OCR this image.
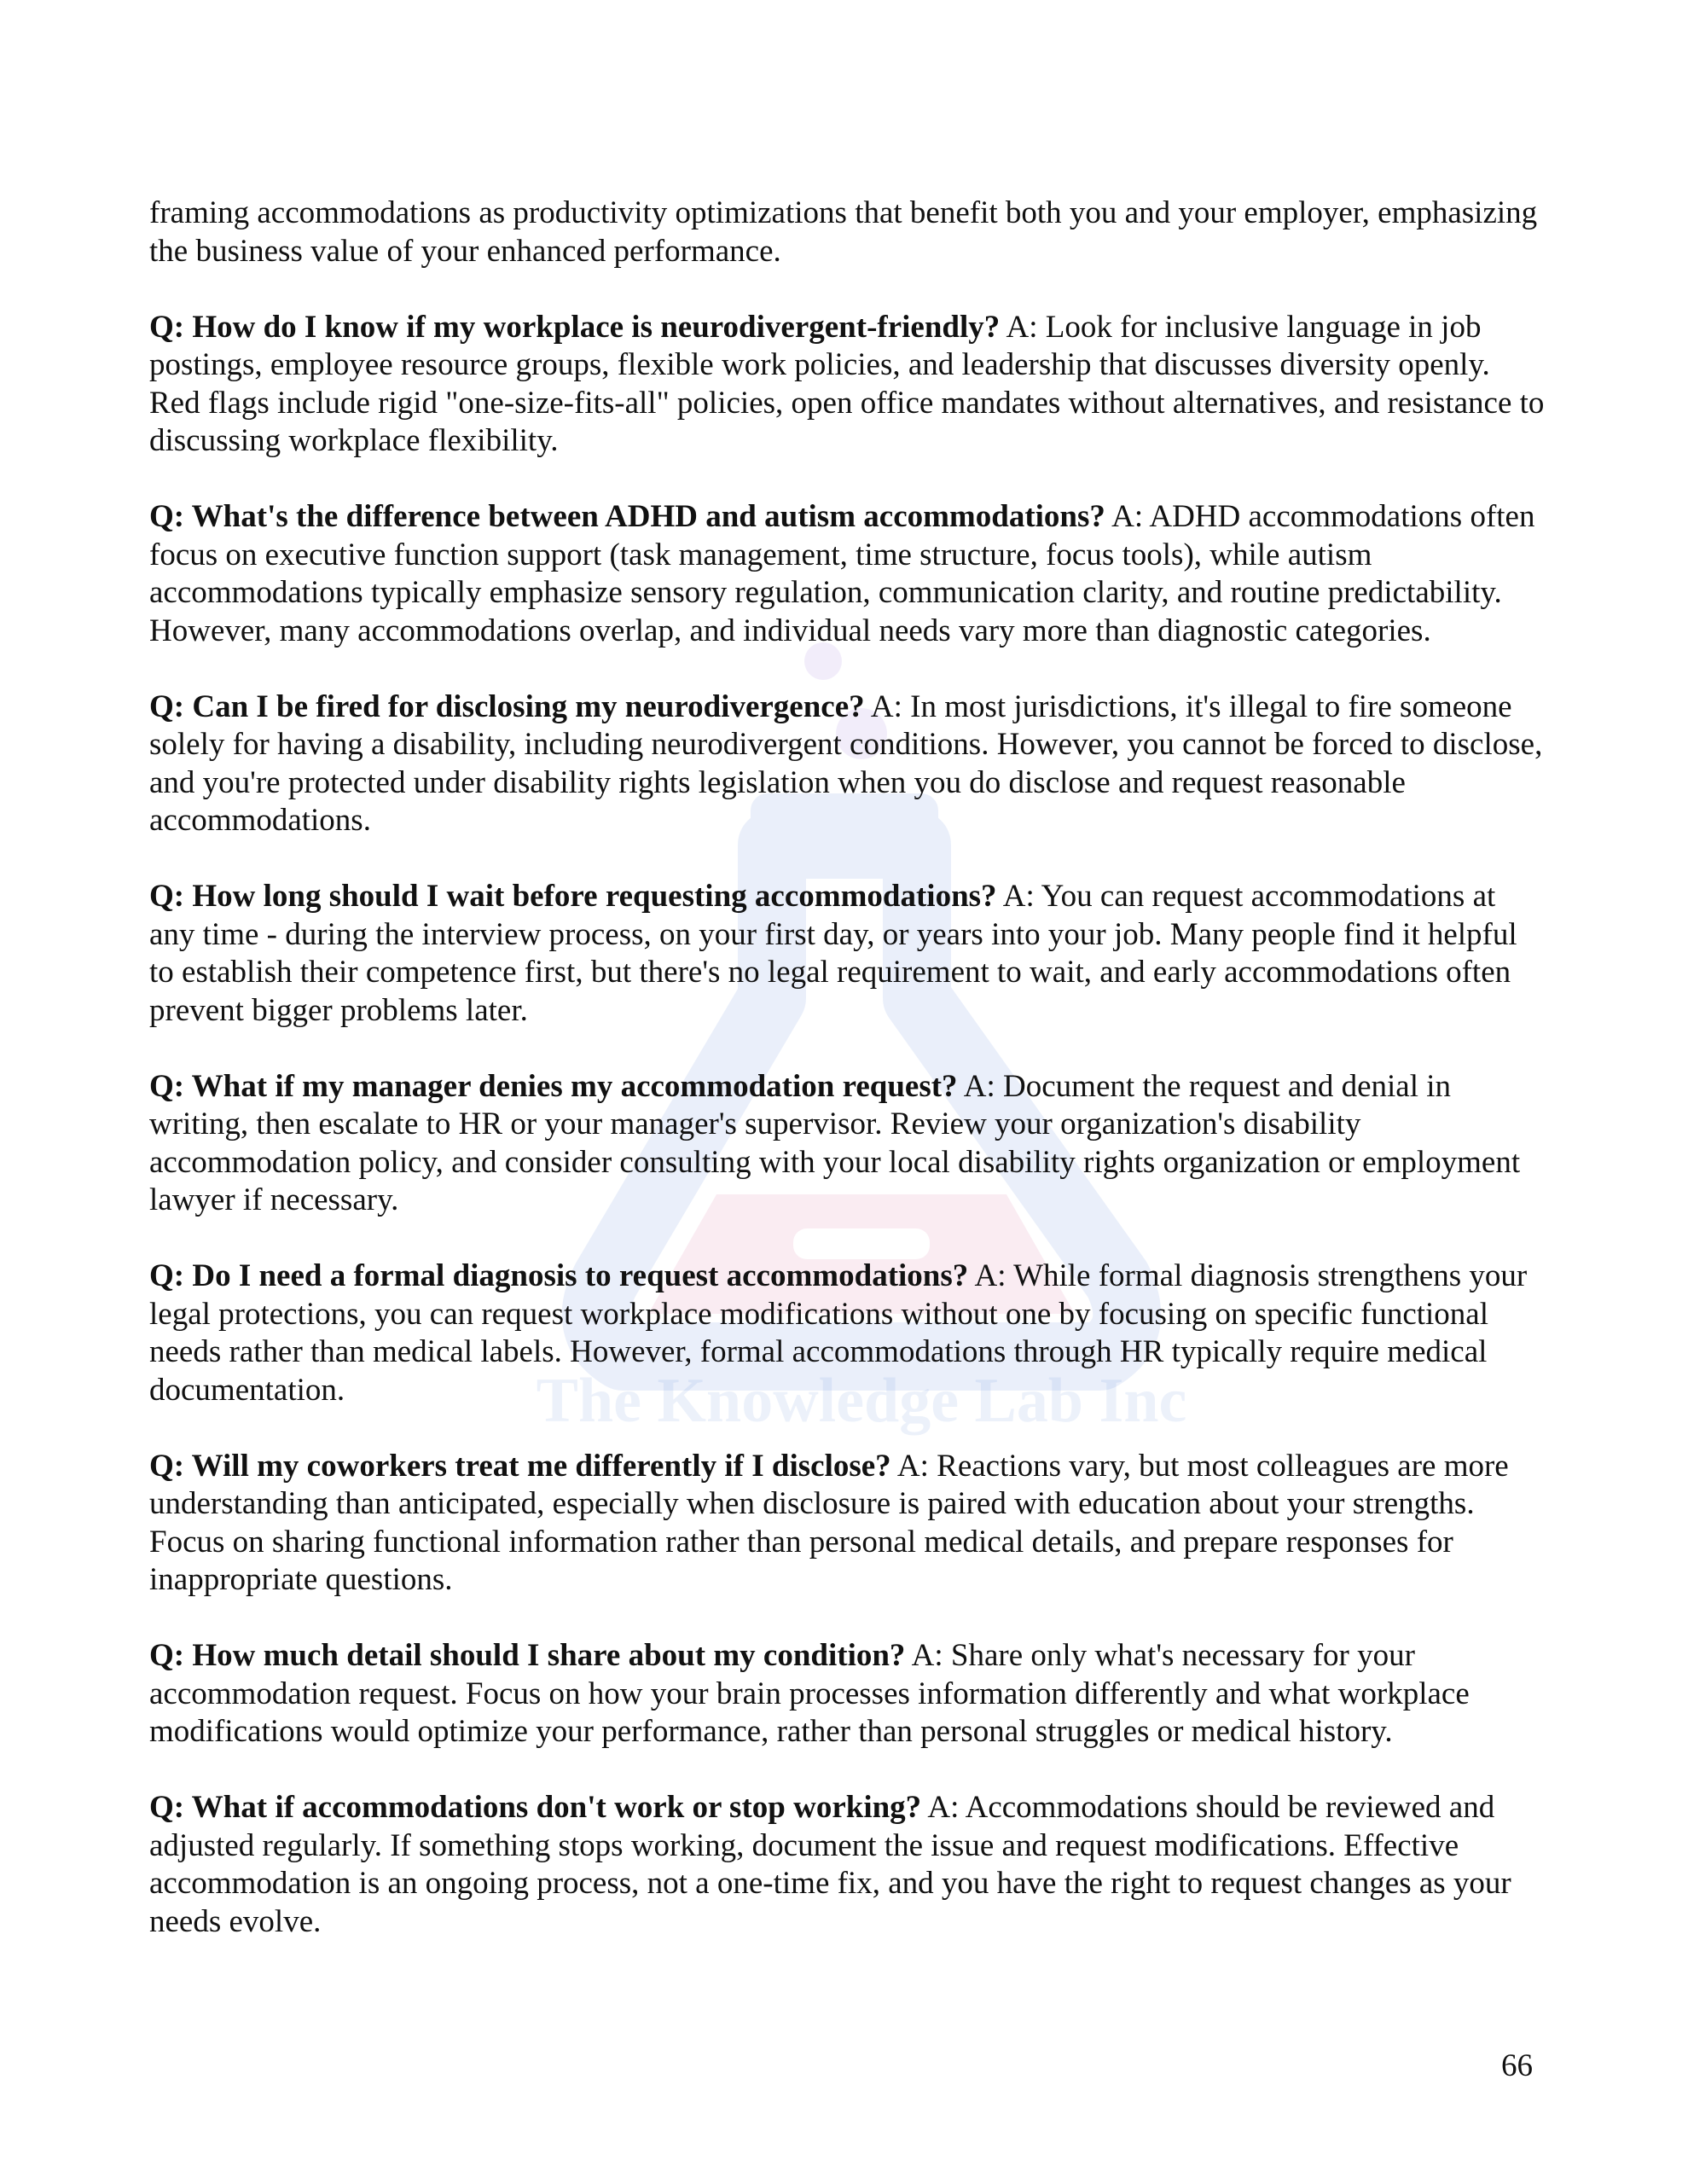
The Knowledge Lab Inc

framing accommodations as productivity optimizations that benefit both you and your employer, emphasizing the business value of your enhanced performance.

Q: How do I know if my workplace is neurodivergent-friendly? A: Look for inclusive language in job postings, employee resource groups, flexible work policies, and leadership that discusses diversity openly. Red flags include rigid "one-size-fits-all" policies, open office mandates without alternatives, and resistance to discussing workplace flexibility.

Q: What's the difference between ADHD and autism accommodations? A: ADHD accommodations often focus on executive function support (task management, time structure, focus tools), while autism accommodations typically emphasize sensory regulation, communication clarity, and routine predictability. However, many accommodations overlap, and individual needs vary more than diagnostic categories.

Q: Can I be fired for disclosing my neurodivergence? A: In most jurisdictions, it's illegal to fire someone solely for having a disability, including neurodivergent conditions. However, you cannot be forced to disclose, and you're protected under disability rights legislation when you do disclose and request reasonable accommodations.

Q: How long should I wait before requesting accommodations? A: You can request accommodations at any time - during the interview process, on your first day, or years into your job. Many people find it helpful to establish their competence first, but there's no legal requirement to wait, and early accommodations often prevent bigger problems later.

Q: What if my manager denies my accommodation request? A: Document the request and denial in writing, then escalate to HR or your manager's supervisor. Review your organization's disability accommodation policy, and consider consulting with your local disability rights organization or employment lawyer if necessary.

Q: Do I need a formal diagnosis to request accommodations? A: While formal diagnosis strengthens your legal protections, you can request workplace modifications without one by focusing on specific functional needs rather than medical labels. However, formal accommodations through HR typically require medical documentation.

Q: Will my coworkers treat me differently if I disclose? A: Reactions vary, but most colleagues are more understanding than anticipated, especially when disclosure is paired with education about your strengths. Focus on sharing functional information rather than personal medical details, and prepare responses for inappropriate questions.

Q: How much detail should I share about my condition? A: Share only what's necessary for your accommodation request. Focus on how your brain processes information differently and what workplace modifications would optimize your performance, rather than personal struggles or medical history.

Q: What if accommodations don't work or stop working? A: Accommodations should be reviewed and adjusted regularly. If something stops working, document the issue and request modifications. Effective accommodation is an ongoing process, not a one-time fix, and you have the right to request changes as your needs evolve.

66
